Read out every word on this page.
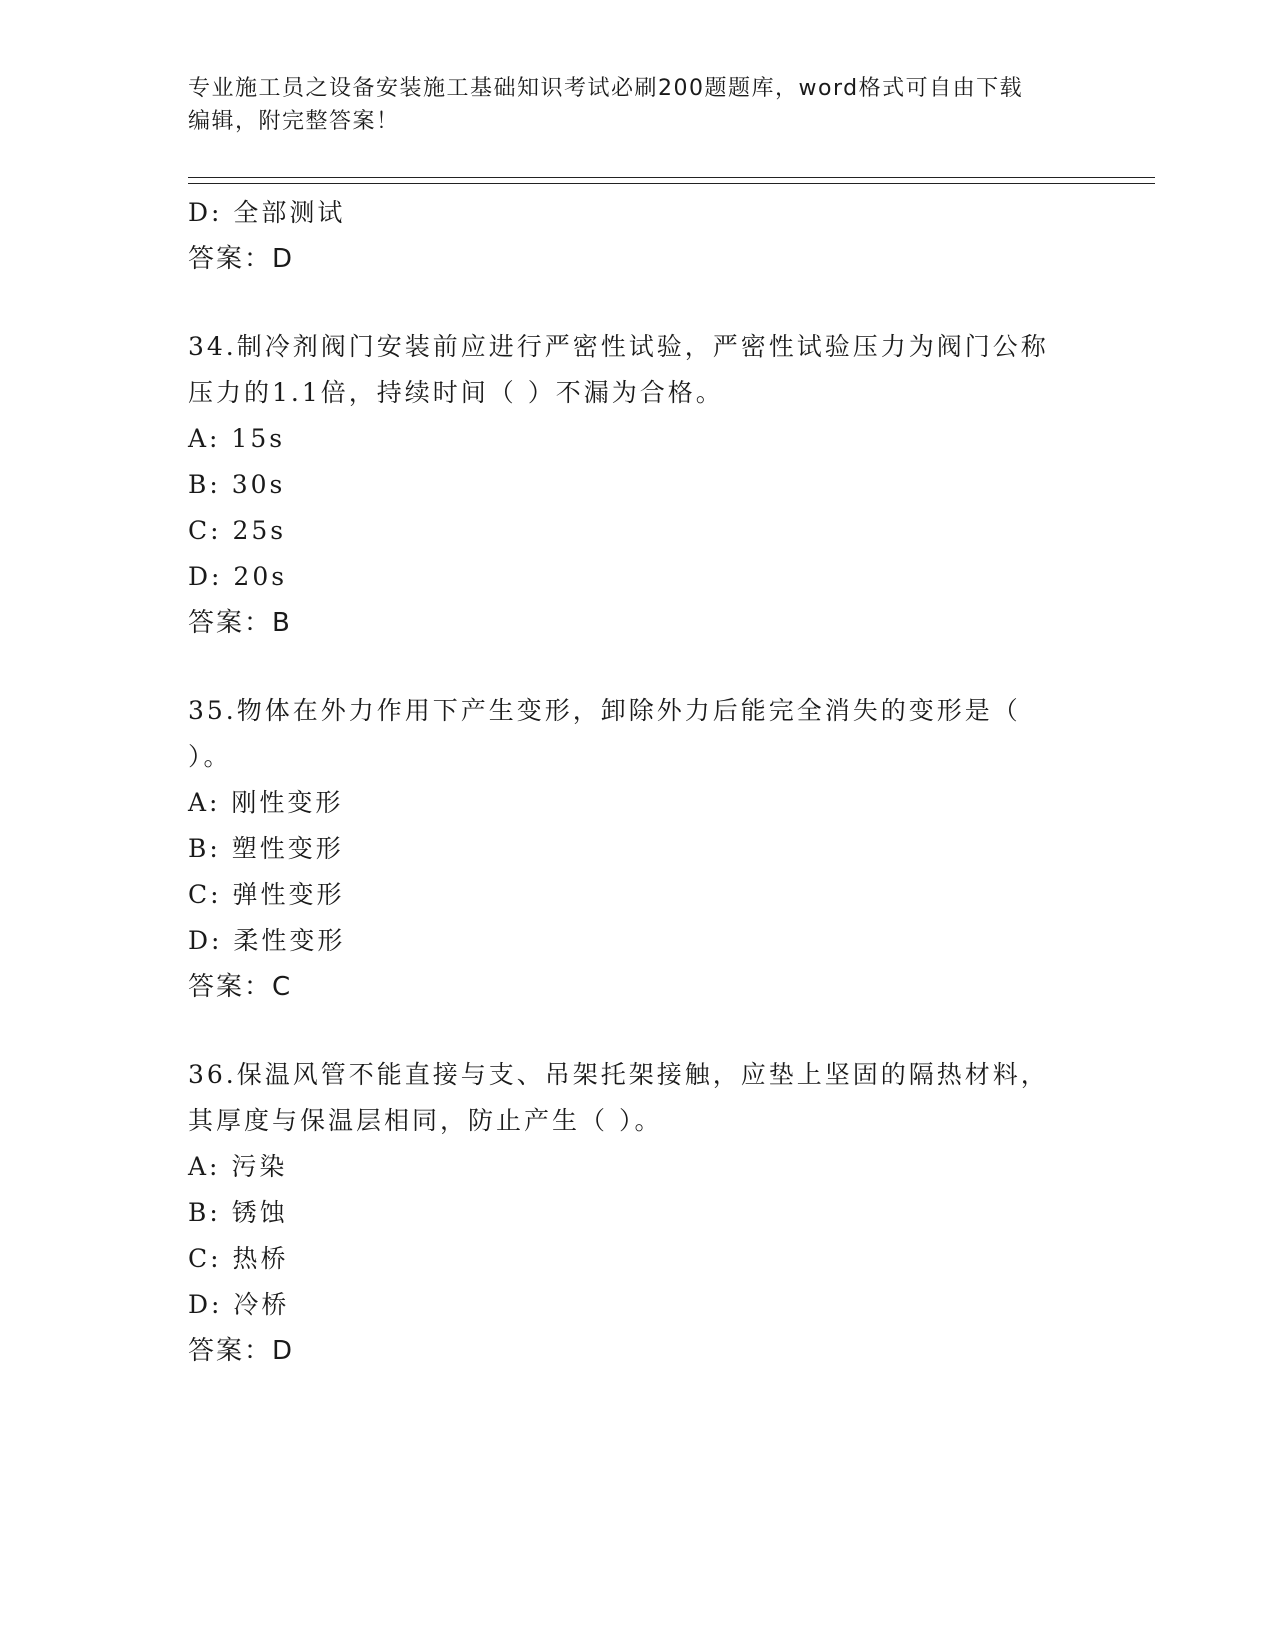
专业施工员之设备安装施工基础知识考试必刷200题题库，word格式可自由下载
编辑，附完整答案！
D: 全部测试
答案：D
34.制冷剂阀门安装前应进行严密性试验，严密性试验压力为阀门公称
压力的1.1倍，持续时间（ ）不漏为合格。
A: 15s
B: 30s
C: 25s
D: 20s
答案：B
35.物体在外力作用下产生变形，卸除外力后能完全消失的变形是（
）。
A: 刚性变形
B: 塑性变形
C: 弹性变形
D: 柔性变形
答案：C
36.保温风管不能直接与支、吊架托架接触，应垫上坚固的隔热材料，
其厚度与保温层相同，防止产生（ ）。
A: 污染
B: 锈蚀
C: 热桥
D: 冷桥
答案：D
